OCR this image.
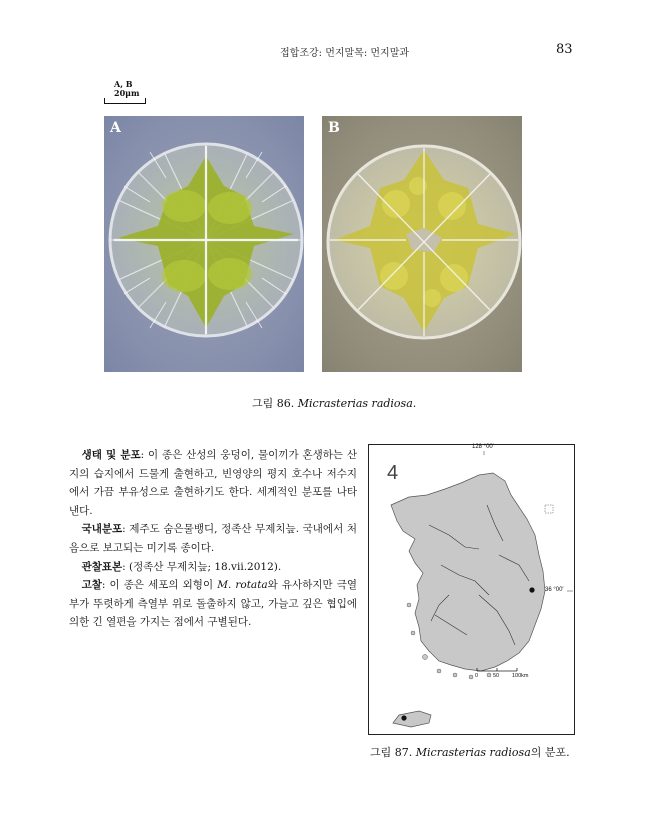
접합조강: 먼지말목: 먼지말과	83
A, B
20μm
A	B
그림 86. Micrasterias radiosa.

생태 및 분포: 이 종은 산성의 웅덩이, 물이끼가 혼생하는 산지의 습지에서 드물게 출현하고, 빈영양의 평지 호수나 저수지에서 가끔 부유성으로 출현하기도 한다. 세계적인 분포를 나타낸다.

국내분포: 제주도 숨은물뱅디, 정족산 무제치늪. 국내에서 처음으로 보고되는 미기록 종이다.

관찰표본: (정족산 무제치늪; 18.vii.2012).

고찰: 이 종은 세포의 외형이 M. rotata와 유사하지만 극열부가 뚜렷하게 측열부 위로 돌출하지 않고, 가늘고 깊은 협입에 의한 긴 열편을 가지는 점에서 구별된다.

4
128 °00'
36 °00'
0	50 100km
그림 87. Micrasterias radiosa의 분포.
